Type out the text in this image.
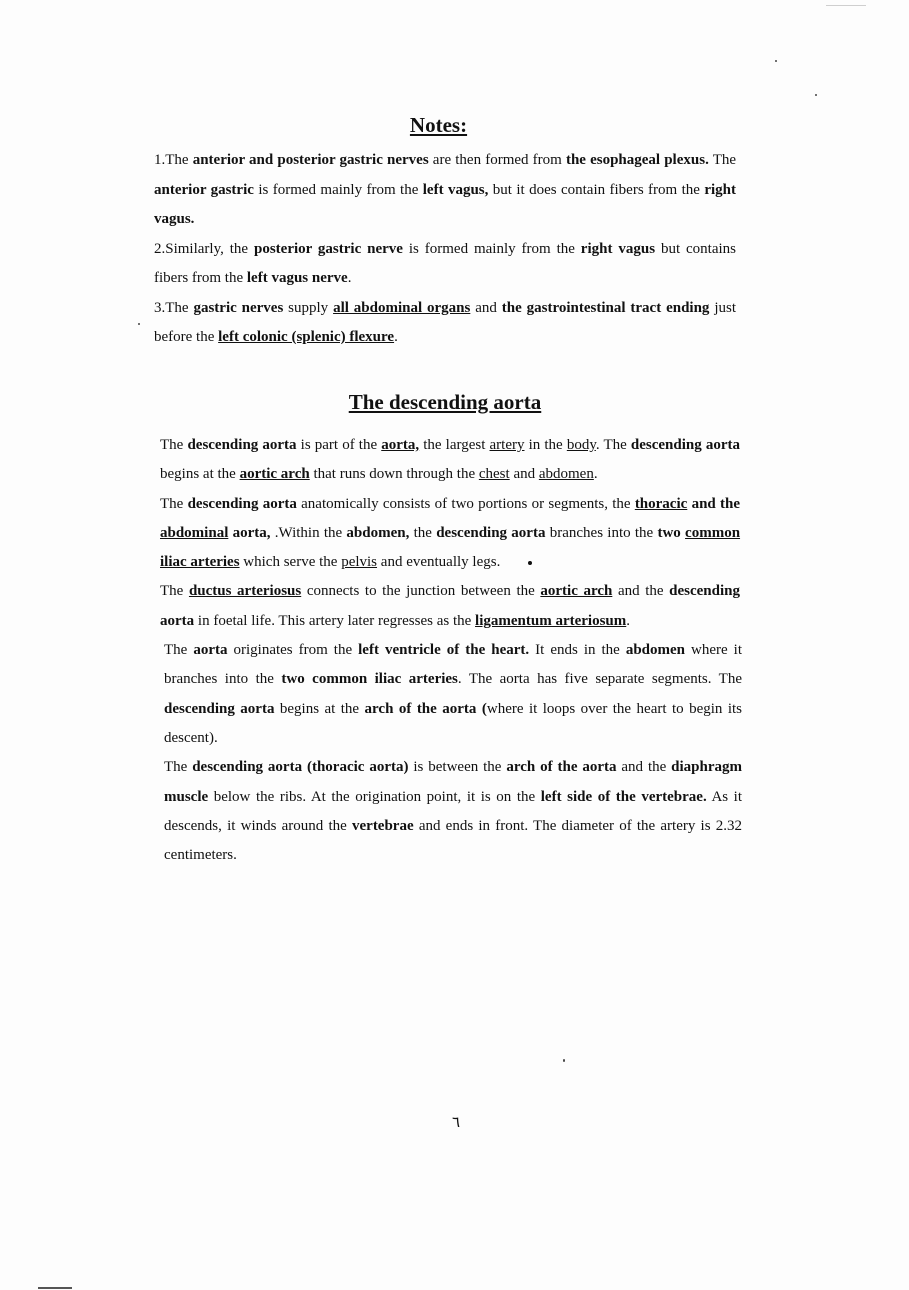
Notes:

1.The anterior and posterior gastric nerves are then formed from the esophageal plexus. The anterior gastric is formed mainly from the left vagus, but it does contain fibers from the right vagus.

2.Similarly, the posterior gastric nerve is formed mainly from the right vagus but contains fibers from the left vagus nerve.

3.The gastric nerves supply all abdominal organs and the gastrointestinal tract ending just before the left colonic (splenic) flexure.

The descending aorta

The descending aorta is part of the aorta, the largest artery in the body. The descending aorta begins at the aortic arch that runs down through the chest and abdomen.

The descending aorta anatomically consists of two portions or segments, the thoracic and the abdominal aorta, .Within the abdomen, the descending aorta branches into the two common iliac arteries which serve the pelvis and eventually legs.

The ductus arteriosus connects to the junction between the aortic arch and the descending aorta in foetal life. This artery later regresses as the ligamentum arteriosum.

The aorta originates from the left ventricle of the heart. It ends in the abdomen where it branches into the two common iliac arteries. The aorta has five separate segments. The descending aorta begins at the arch of the aorta (where it loops over the heart to begin its descent).

The descending aorta (thoracic aorta) is between the arch of the aorta and the diaphragm muscle below the ribs. At the origination point, it is on the left side of the vertebrae. As it descends, it winds around the vertebrae and ends in front. The diameter of the artery is 2.32 centimeters.

٦
